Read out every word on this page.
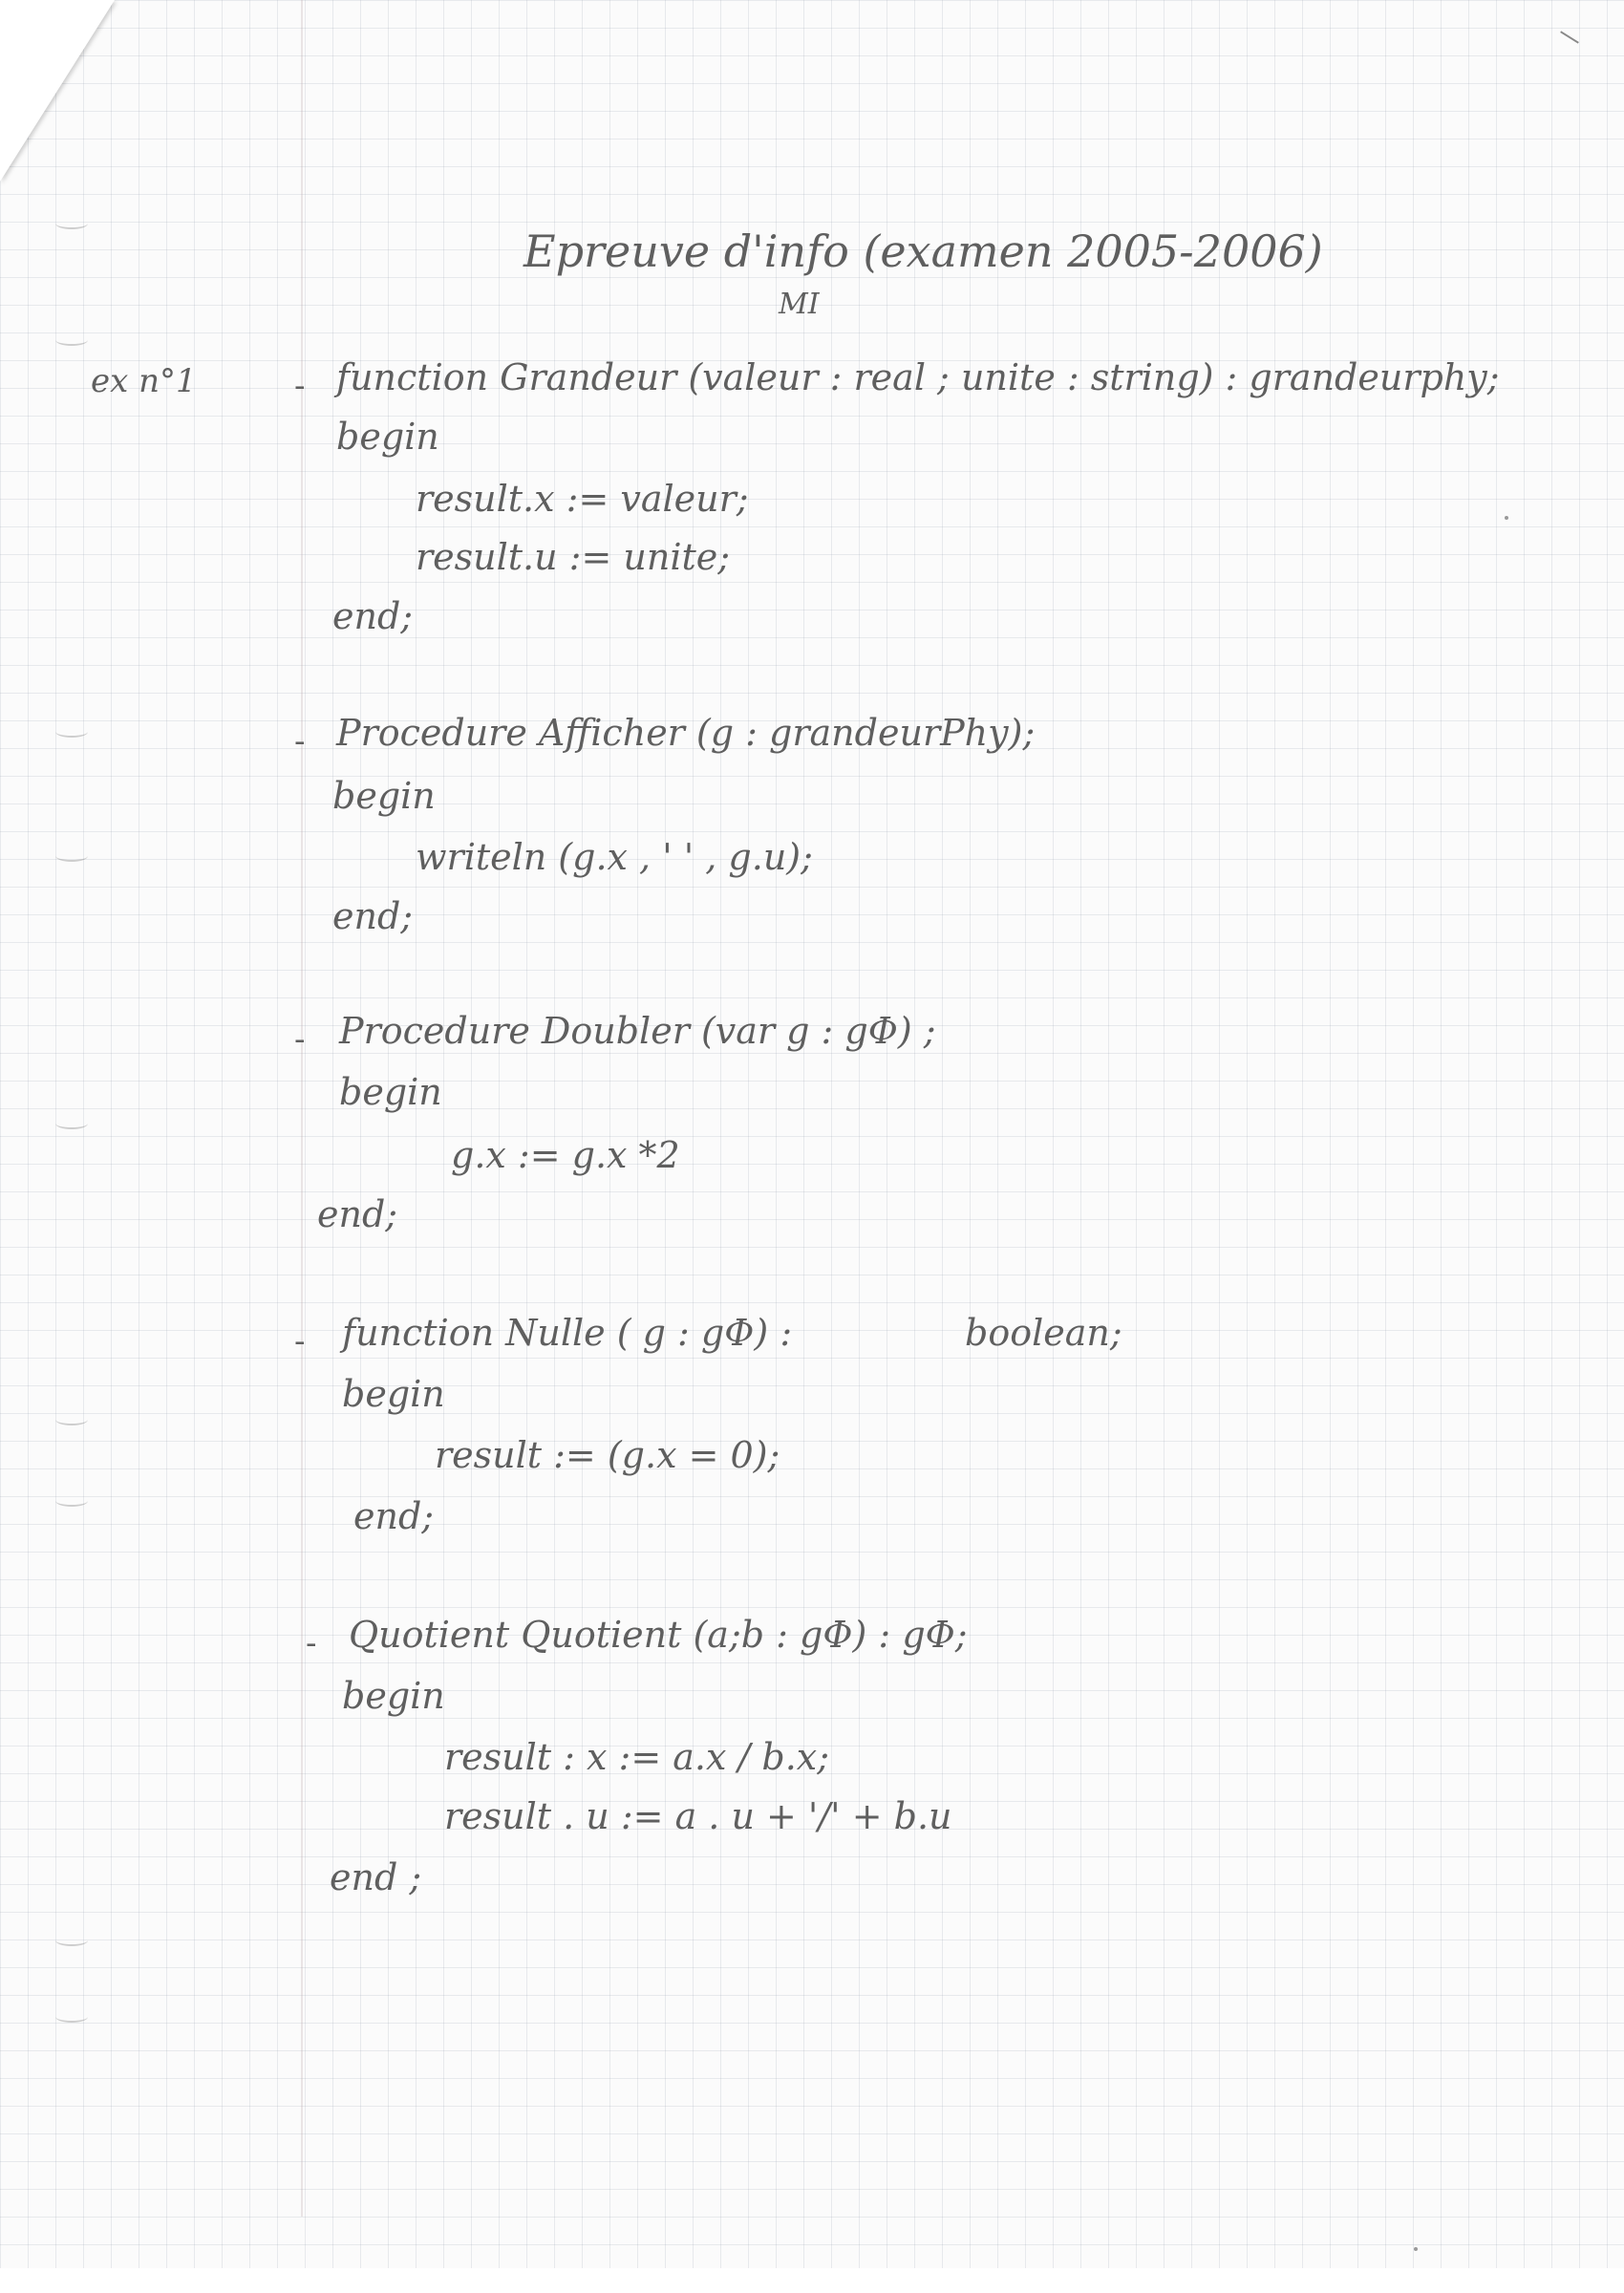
Epreuve d'info (examen 2005-2006)
MI
ex n°1	- function Grandeur (valeur : real ; unite : string) : grandeurphy;
begin
result.x := valeur;
result.u := unite;
end;
- Procedure Afficher (g : grandeurPhy);
begin
writeln (g.x , ' ' , g.u);
end;
- Procedure Doubler (var g : gΦ) ;
begin
g.x := g.x *2
end;
- function Nulle ( g : gΦ) :	boolean;
begin
result := (g.x = 0);
end;
- Quotient Quotient (a;b : gΦ) : gΦ;
begin
result : x := a.x / b.x;
result . u := a . u + '/' + b.u
end ;
